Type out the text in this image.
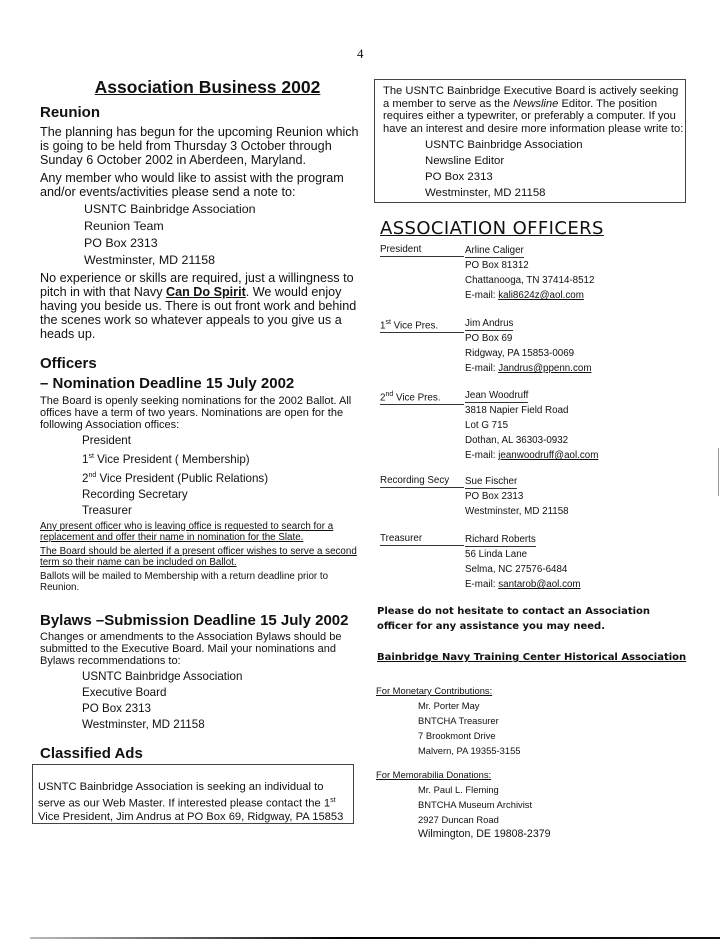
4
Association Business 2002
Reunion

The planning has begun for the upcoming Reunion which is going to be held from Thursday 3 October through Sunday 6 October 2002 in Aberdeen, Maryland.

Any member who would like to assist with the program and/or events/activities please send a note to:

USNTC Bainbridge Association
Reunion Team
PO Box 2313
Westminster, MD 21158

No experience or skills are required, just a willingness to pitch in with that Navy Can Do Spirit. We would enjoy having you beside us. There is out front work and behind the scenes work so whatever appeals to you give us a heads up.

Officers
– Nomination Deadline 15 July 2002

The Board is openly seeking nominations for the 2002 Ballot. All offices have a term of two years. Nominations are open for the following Association offices:

President
1st Vice President ( Membership)
2nd Vice President (Public Relations)
Recording Secretary
Treasurer

Any present officer who is leaving office is requested to search for a replacement and offer their name in nomination for the Slate.

The Board should be alerted if a present officer wishes to serve a second term so their name can be included on Ballot.

Ballots will be mailed to Membership with a return deadline prior to Reunion.

Bylaws –Submission Deadline 15 July 2002

Changes or amendments to the Association Bylaws should be submitted to the Executive Board. Mail your nominations and Bylaws recommendations to:

USNTC Bainbridge Association
Executive Board
PO Box 2313
Westminster, MD 21158
Classified Ads
USNTC Bainbridge Association is seeking an individual to serve as our Web Master. If interested please contact the 1st Vice President, Jim Andrus at PO Box 69, Ridgway, PA 15853
The USNTC Bainbridge Executive Board is actively seeking a member to serve as the Newsline Editor. The position requires either a typewriter, or preferably a computer. If you have an interest and desire more information please write to:
USNTC Bainbridge Association
Newsline Editor
PO Box 2313
Westminster, MD 21158
ASSOCIATION OFFICERS
President	Arline Caliger
PO Box 81312
Chattanooga, TN 37414-8512
E-mail: kali8624z@aol.com
1st Vice Pres.	Jim Andrus
PO Box 69
Ridgway, PA 15853-0069
E-mail: Jandrus@ppenn.com
2nd Vice Pres.	Jean Woodruff
3818 Napier Field Road
Lot G 715
Dothan, AL 36303-0932
E-mail: jeanwoodruff@aol.com
Recording Secy	Sue Fischer
PO Box 2313
Westminster, MD 21158
Treasurer	Richard Roberts
56 Linda Lane
Selma, NC 27576-6484
E-mail: santarob@aol.com
Please do not hesitate to contact an Association officer for any assistance you may need.
Bainbridge Navy Training Center Historical Association
For Monetary Contributions:
Mr. Porter May
BNTCHA Treasurer
7 Brookmont Drive
Malvern, PA 19355-3155
For Memorabilia Donations:
Mr. Paul L. Fleming
BNTCHA Museum Archivist
2927 Duncan Road
Wilmington, DE 19808-2379
